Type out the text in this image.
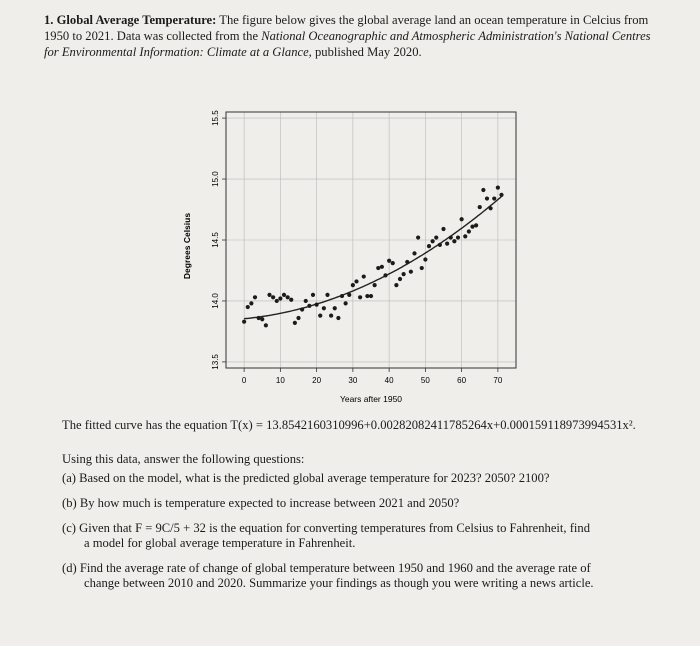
1. Global Average Temperature: The figure below gives the global average land an ocean temperature in Celcius from 1950 to 2021. Data was collected from the National Oceanographic and Atmospheric Administration's National Centres for Environmental Information: Climate at a Glance, published May 2020.
0	10	20	30	40	50	60	70
13.5
14.0
14.5
15.0
15.5
Years after 1950
Degrees Celsius
The fitted curve has the equation T(x) = 13.8542160310996+0.00282082411785264x+0.000159118973994531x².
Using this data, answer the following questions:
(a) Based on the model, what is the predicted global average temperature for 2023? 2050? 2100?
(b) By how much is temperature expected to increase between 2021 and 2050?
(c) Given that F = 9C/5 + 32 is the equation for converting temperatures from Celsius to Fahrenheit, find
a model for global average temperature in Fahrenheit.
(d) Find the average rate of change of global temperature between 1950 and 1960 and the average rate of
change between 2010 and 2020. Summarize your findings as though you were writing a news article.
